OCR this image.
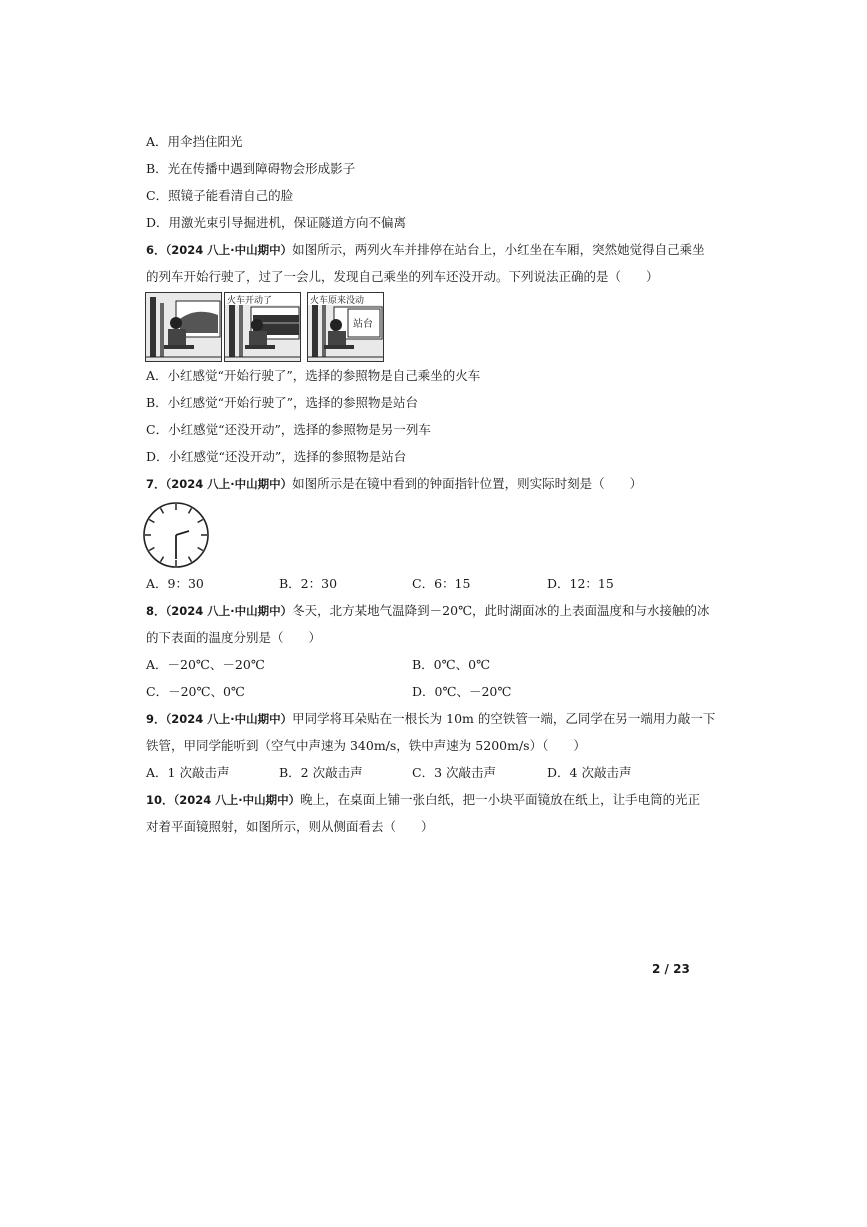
A．用伞挡住阳光
B．光在传播中遇到障碍物会形成影子
C．照镜子能看清自己的脸
D．用激光束引导掘进机，保证隧道方向不偏离
6．（2024 八上·中山期中）如图所示，两列火车并排停在站台上，小红坐在车厢，突然她觉得自己乘坐
的列车开始行驶了，过了一会儿，发现自己乘坐的列车还没开动。下列说法正确的是（　　）
火车开动了
站台
火车原来没动
A．小红感觉“开始行驶了”，选择的参照物是自己乘坐的火车
B．小红感觉“开始行驶了”，选择的参照物是站台
C．小红感觉“还没开动”，选择的参照物是另一列车
D．小红感觉“还没开动”，选择的参照物是站台
7．（2024 八上·中山期中）如图所示是在镜中看到的钟面指针位置，则实际时刻是（　　）
A．9：30	B．2：30	C．6：15	D．12：15
8．（2024 八上·中山期中）冬天，北方某地气温降到－20℃，此时湖面冰的上表面温度和与水接触的冰
的下表面的温度分别是（　　）
A．－20℃、－20℃	B．0℃、0℃
C．－20℃、0℃	D．0℃、－20℃
9．（2024 八上·中山期中）甲同学将耳朵贴在一根长为 10m 的空铁管一端，乙同学在另一端用力敲一下
铁管，甲同学能听到（空气中声速为 340m/s，铁中声速为 5200m/s）（　　）
A．1 次敲击声	B．2 次敲击声	C．3 次敲击声	D．4 次敲击声
10．（2024 八上·中山期中）晚上，在桌面上铺一张白纸，把一小块平面镜放在纸上，让手电筒的光正
对着平面镜照射，如图所示，则从侧面看去（　　）
2 / 23
